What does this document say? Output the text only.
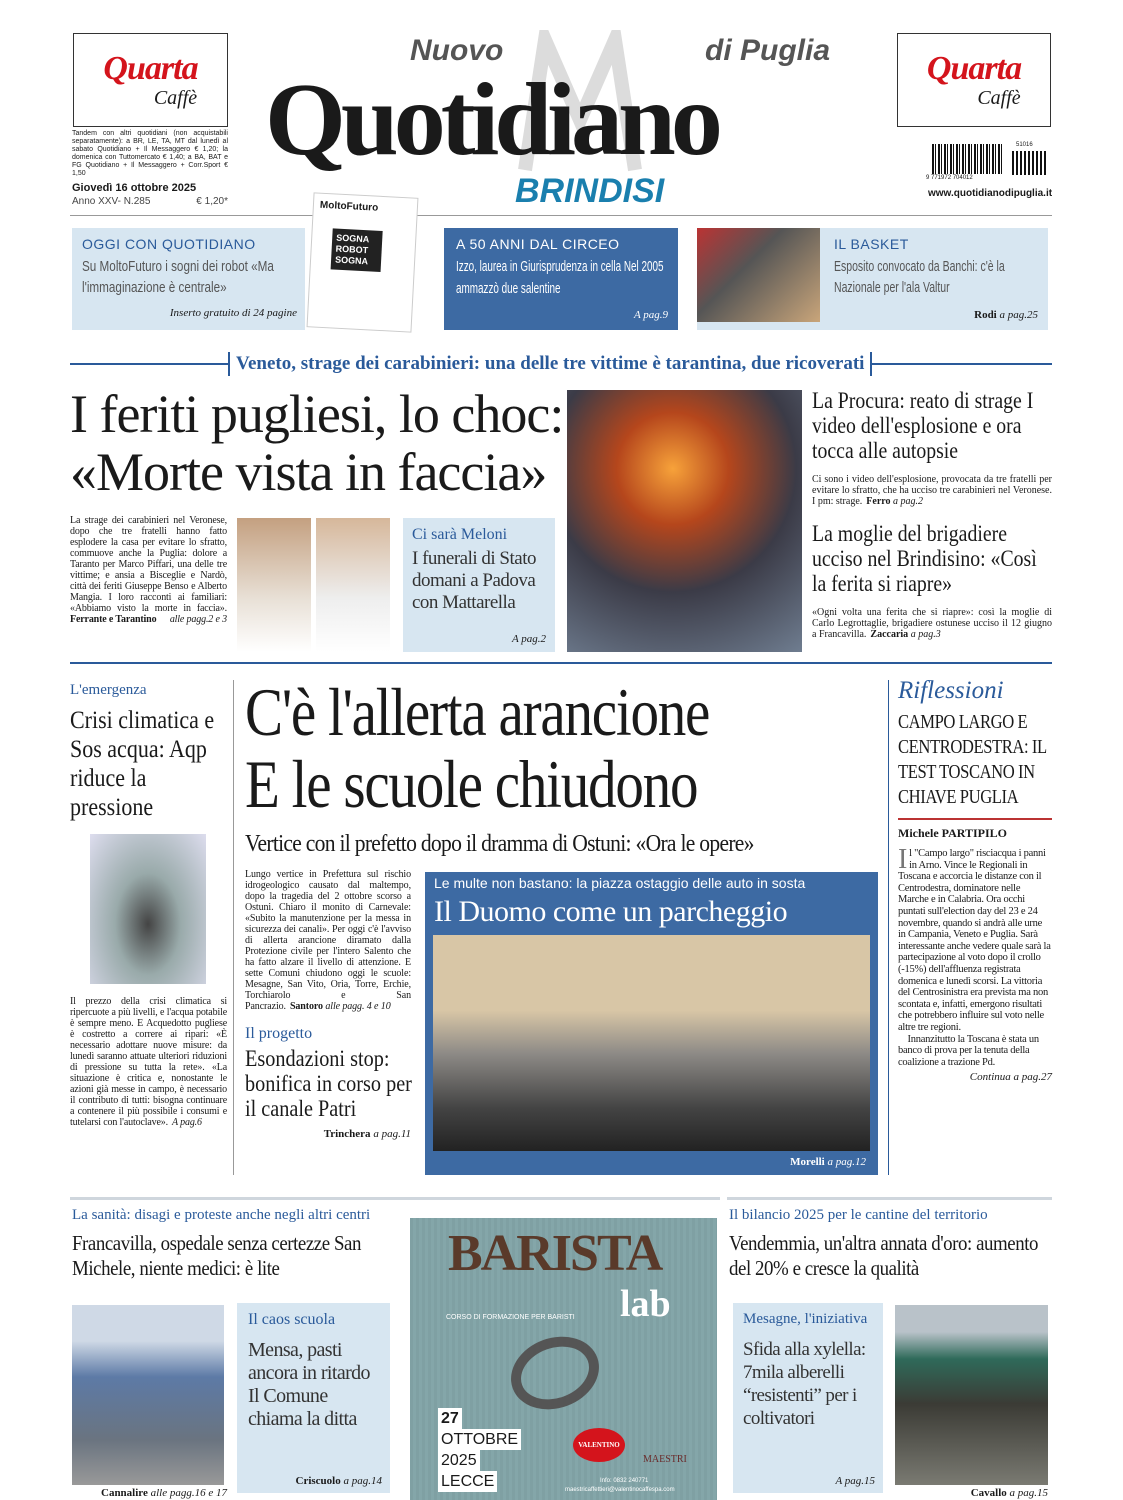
Quarta
Caffè
Quarta
Caffè
Nuovo	di Puglia
Quotidiano
BRINDISI
Tandem con altri quotidiani (non acquistabili separatamente): a BR, LE, TA, MT dal lunedì al sabato Quotidiano + Il Messaggero € 1,20; la domenica con Tuttomercato € 1,40; a BA, BAT e FG Quotidiano + Il Messaggero + Corr.Sport € 1,50
Giovedì 16 ottobre 2025
Anno XXV- N.285	€ 1,20*
9 771972 704012
51016
www.quotidianodipuglia.it
OGGI CON QUOTIDIANO
Su MoltoFuturo i sogni dei robot «Ma l'immaginazione è centrale»
Inserto gratuito di 24 pagine
MoltoFuturo
SOGNA ROBOT SOGNA
A 50 ANNI DAL CIRCEO
Izzo, laurea in Giurisprudenza in cella Nel 2005 ammazzò due salentine
A pag.9
IL BASKET
Esposito convocato da Banchi: c'è la Nazionale per l'ala Valtur
Rodi a pag.25
Veneto, strage dei carabinieri: una delle tre vittime è tarantina, due ricoverati
I feriti pugliesi, lo choc: «Morte vista in faccia»
La Procura: reato di strage I video dell'esplosione e ora tocca alle autopsie
Ci sono i video dell'esplosione, provocata da tre fratelli per evitare lo sfratto, che ha ucciso tre carabinieri nel Veronese. I pm: strage. Ferro a pag.2
La moglie del brigadiere ucciso nel Brindisino: «Così la ferita si riapre»
«Ogni volta una ferita che si riapre»: così la moglie di Carlo Legrottaglie, brigadiere ostunese ucciso il 12 giugno a Francavilla. Zaccaria a pag.3
La strage dei carabinieri nel Veronese, dopo che tre fratelli hanno fatto esplodere la casa per evitare lo sfratto, commuove anche la Puglia: dolore a Taranto per Marco Piffari, una delle tre vittime; e ansia a Bisceglie e Nardò, città dei feriti Giuseppe Benso e Alberto Mangia. I loro racconti ai familiari: «Abbiamo visto la morte in faccia». Ferrante e Tarantino alle pagg.2 e 3
Ci sarà Meloni
I funerali di Stato domani a Padova con Mattarella
A pag.2
L'emergenza
Crisi climatica e Sos acqua: Aqp riduce la pressione
Il prezzo della crisi climatica si ripercuote a più livelli, e l'acqua potabile è sempre meno. E Acquedotto pugliese è costretto a correre ai ripari: «È necessario adottare nuove misure: da lunedì saranno attuate ulteriori riduzioni di pressione su tutta la rete». «La situazione è critica e, nonostante le azioni già messe in campo, è necessario il contributo di tutti: bisogna continuare a contenere il più possibile i consumi e tutelarsi con l'autoclave». A pag.6
C'è l'allerta arancione
E le scuole chiudono
Vertice con il prefetto dopo il dramma di Ostuni: «Ora le opere»
Lungo vertice in Prefettura sul rischio idrogeologico causato dal maltempo, dopo la tragedia del 2 ottobre scorso a Ostuni. Chiaro il monito di Carnevale: «Subito la manutenzione per la messa in sicurezza dei canali». Per oggi c'è l'avviso di allerta arancione diramato dalla Protezione civile per l'intero Salento che ha fatto alzare il livello di attenzione. E sette Comuni chiudono oggi le scuole: Mesagne, San Vito, Oria, Torre, Erchie, Torchiarolo e San Pancrazio. Santoro alle pagg. 4 e 10
Il progetto
Esondazioni stop: bonifica in corso per il canale Patri
Trinchera a pag.11
Le multe non bastano: la piazza ostaggio delle auto in sosta
Il Duomo come un parcheggio
Morelli a pag.12
Riflessioni
CAMPO LARGO E CENTRODESTRA: IL TEST TOSCANO IN CHIAVE PUGLIA
Michele PARTIPILO
Il "Campo largo" risciacqua i panni in Arno. Vince le Regionali in Toscana e accorcia le distanze con il Centrodestra, dominatore nelle Marche e in Calabria. Ora occhi puntati sull'election day del 23 e 24 novembre, quando si andrà alle urne in Campania, Veneto e Puglia. Sarà interessante anche vedere quale sarà la partecipazione al voto dopo il crollo (-15%) dell'affluenza registrata domenica e lunedì scorsi. La vittoria del Centrosinistra era prevista ma non scontata e, infatti, emergono risultati che potrebbero influire sul voto nelle altre tre regioni.
Innanzitutto la Toscana è stata un banco di prova per la tenuta della coalizione a trazione Pd.
Continua a pag.27
La sanità: disagi e proteste anche negli altri centri
Francavilla, ospedale senza certezze San Michele, niente medici: è lite
Cannalire alle pagg.16 e 17
Il caos scuola
Mensa, pasti ancora in ritardo Il Comune chiama la ditta
Criscuolo a pag.14
BARISTA
lab
CORSO DI FORMAZIONE PER BARISTI
27
OTTOBRE
2025
LECCE
VALENTINO
MAESTRI
Info: 0832 240771
maestricaffettieri@valentinocaffespa.com
Il bilancio 2025 per le cantine del territorio
Vendemmia, un'altra annata d'oro: aumento del 20% e cresce la qualità
Mesagne, l'iniziativa
Sfida alla xylella: 7mila alberelli “resistenti” per i coltivatori
A pag.15
Cavallo a pag.15
